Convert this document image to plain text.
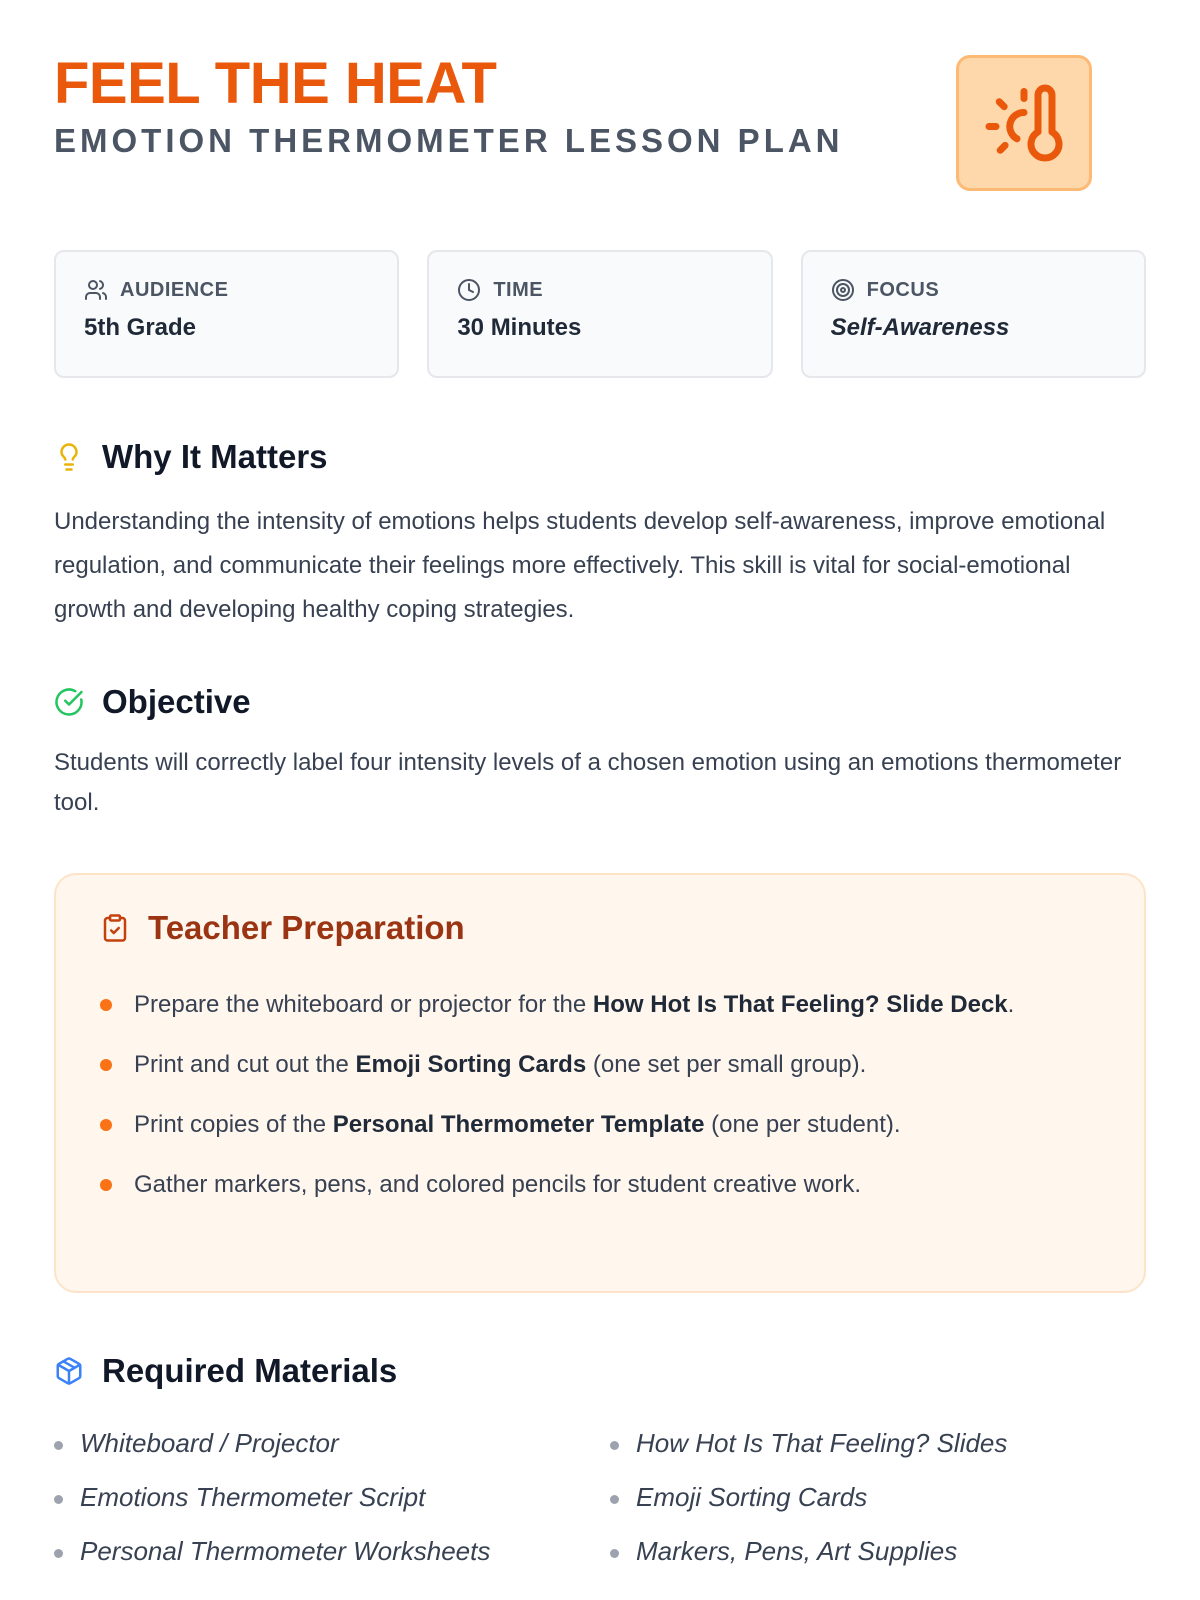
FEEL THE HEAT
EMOTION THERMOMETER LESSON PLAN
AUDIENCE
5th Grade
TIME
30 Minutes
FOCUS
Self-Awareness
Why It Matters

Understanding the intensity of emotions helps students develop self-awareness, improve emotional regulation, and communicate their feelings more effectively. This skill is vital for social-emotional growth and developing healthy coping strategies.

Objective

Students will correctly label four intensity levels of a chosen emotion using an emotions thermometer tool.

Teacher Preparation
Prepare the whiteboard or projector for the How Hot Is That Feeling? Slide Deck.
Print and cut out the Emoji Sorting Cards (one set per small group).
Print copies of the Personal Thermometer Template (one per student).
Gather markers, pens, and colored pencils for student creative work.
Required Materials
Whiteboard / Projector	How Hot Is That Feeling? Slides
Emotions Thermometer Script	Emoji Sorting Cards
Personal Thermometer Worksheets	Markers, Pens, Art Supplies
